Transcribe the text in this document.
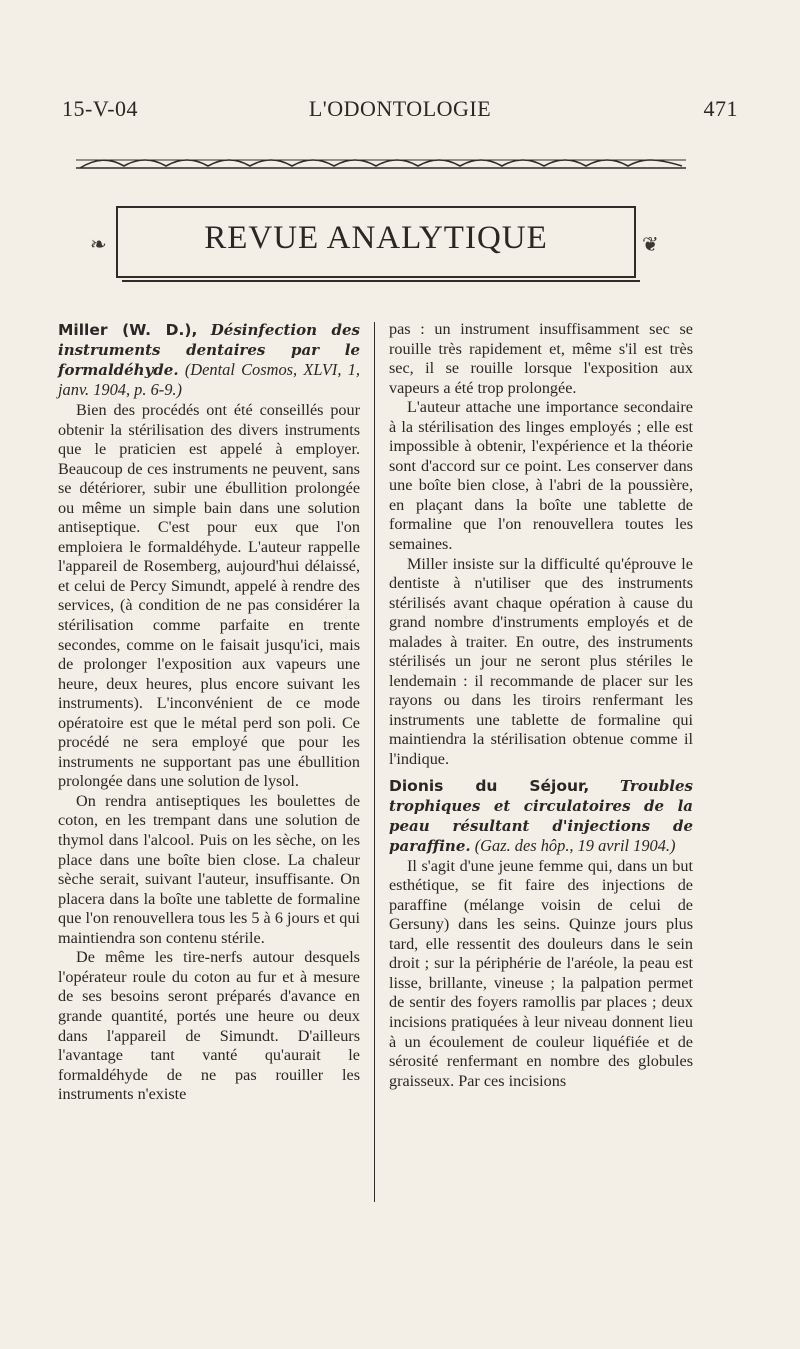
15-V-04	L'ODONTOLOGIE	471
REVUE ANALYTIQUE
❧	❦

Miller (W. D.), Désinfection des instruments dentaires par le formaldéhyde. (Dental Cosmos, XLVI, 1, janv. 1904, p. 6-9.)

Bien des procédés ont été conseillés pour obtenir la stérilisation des divers instruments que le praticien est appelé à employer. Beaucoup de ces instruments ne peuvent, sans se détériorer, subir une ébullition prolongée ou même un simple bain dans une solution antiseptique. C'est pour eux que l'on emploiera le formaldéhyde. L'auteur rappelle l'appareil de Rosemberg, aujourd'hui délaissé, et celui de Percy Simundt, appelé à rendre des services, (à condition de ne pas considérer la stérilisation comme parfaite en trente secondes, comme on le faisait jusqu'ici, mais de prolonger l'exposition aux vapeurs une heure, deux heures, plus encore suivant les instruments). L'inconvénient de ce mode opératoire est que le métal perd son poli. Ce procédé ne sera employé que pour les instruments ne supportant pas une ébullition prolongée dans une solution de lysol.

On rendra antiseptiques les boulettes de coton, en les trempant dans une solution de thymol dans l'alcool. Puis on les sèche, on les place dans une boîte bien close. La chaleur sèche serait, suivant l'auteur, insuffisante. On placera dans la boîte une tablette de formaline que l'on renouvellera tous les 5 à 6 jours et qui maintiendra son contenu stérile.

De même les tire-nerfs autour desquels l'opérateur roule du coton au fur et à mesure de ses besoins seront préparés d'avance en grande quantité, portés une heure ou deux dans l'appareil de Simundt. D'ailleurs l'avantage tant vanté qu'aurait le formaldéhyde de ne pas rouiller les instruments n'existe

pas : un instrument insuffisamment sec se rouille très rapidement et, même s'il est très sec, il se rouille lorsque l'exposition aux vapeurs a été trop prolongée.

L'auteur attache une importance secondaire à la stérilisation des linges employés ; elle est impossible à obtenir, l'expérience et la théorie sont d'accord sur ce point. Les conserver dans une boîte bien close, à l'abri de la poussière, en plaçant dans la boîte une tablette de formaline que l'on renouvellera toutes les semaines.

Miller insiste sur la difficulté qu'éprouve le dentiste à n'utiliser que des instruments stérilisés avant chaque opération à cause du grand nombre d'instruments employés et de malades à traiter. En outre, des instruments stérilisés un jour ne seront plus stériles le lendemain : il recommande de placer sur les rayons ou dans les tiroirs renfermant les instruments une tablette de formaline qui maintiendra la stérilisation obtenue comme il l'indique.

Dionis du Séjour, Troubles trophiques et circulatoires de la peau résultant d'injections de paraffine. (Gaz. des hôp., 19 avril 1904.)

Il s'agit d'une jeune femme qui, dans un but esthétique, se fit faire des injections de paraffine (mélange voisin de celui de Gersuny) dans les seins. Quinze jours plus tard, elle ressentit des douleurs dans le sein droit ; sur la périphérie de l'aréole, la peau est lisse, brillante, vineuse ; la palpation permet de sentir des foyers ramollis par places ; deux incisions pratiquées à leur niveau donnent lieu à un écoulement de couleur liquéfiée et de sérosité renfermant en nombre des globules graisseux. Par ces incisions
